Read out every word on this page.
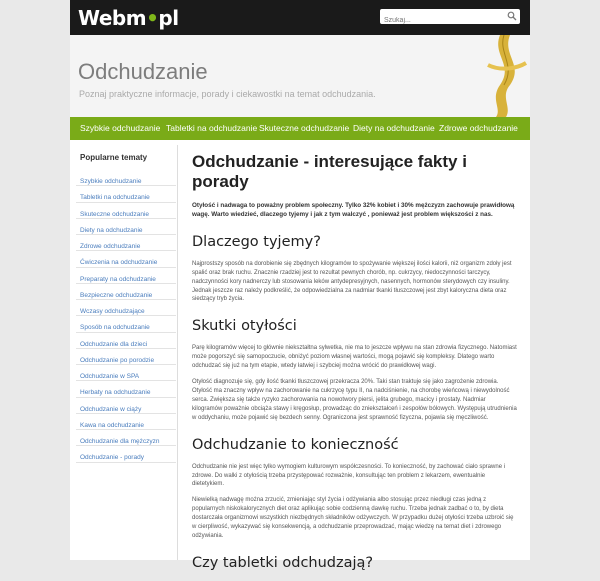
Webm•pl
Szukaj...
Odchudzanie
Poznaj praktyczne informacje, porady i ciekawostki na temat odchudzania.
Szybkie odchudzanie Tabletki na odchudzanie Skuteczne odchudzanie Diety na odchudzanie Zdrowe odchudzanie
Popularne tematy
Szybkie odchudzanie
Tabletki na odchudzanie
Skuteczne odchudzanie
Diety na odchudzanie
Zdrowe odchudzanie
Ćwiczenia na odchudzanie
Preparaty na odchudzanie
Bezpieczne odchudzanie
Wczasy odchudzające
Sposób na odchudzanie
Odchudzanie dla dzieci
Odchudzanie po porodzie
Odchudzanie w SPA
Herbaty na odchudzanie
Odchudzanie w ciąży
Kawa na odchudzanie
Odchudzanie dla mężczyzn
Odchudzanie - porady
Odchudzanie - interesujące fakty i porady

Otyłość i nadwaga to poważny problem społeczny. Tylko 32% kobiet i 30% mężczyzn zachowuje prawidłową wagę. Warto wiedzieć, dlaczego tyjemy i jak z tym walczyć , ponieważ jest problem większości z nas.

Dlaczego tyjemy?

Najprostszy sposób na dorobienie się zbędnych kilogramów to spożywanie większej ilości kalorii, niż organizm zdoły jest spalić oraz brak ruchu. Znacznie rzadziej jest to rezultat pewnych chorób, np. cukrzycy, niedoczynności tarczycy, nadczynności kory nadnerczy lub stosowania leków antydepresyjnych, nasennych, hormonów sterydowych czy insuliny. Jednak jeszcze raz należy podkreślić, że odpowiedzialna za nadmiar tkanki tłuszczowej jest zbyt kaloryczna dieta oraz siedzący tryb życia.

Skutki otyłości

Parę kilogramów więcej to głównie niekształtna sylwetka, nie ma to jeszcze wpływu na stan zdrowia fizycznego. Natomiast może pogorszyć się samopoczucie, obniżyć poziom własnej wartości, mogą pojawić się kompleksy. Dlatego warto odchudzać się już na tym etapie, wtedy łatwiej i szybciej można wrócić do prawidłowej wagi.

Otyłość diagnozuje się, gdy ilość tkanki tłuszczowej przekracza 20%. Taki stan traktuje się jako zagrożenie zdrowia. Otyłość ma znaczny wpływ na zachorowanie na cukrzycę typu II, na nadciśnienie, na chorobę wieńcową i niewydolność serca. Zwiększa się także ryzyko zachorowania na nowotwory piersi, jelita grubego, macicy i prostaty. Nadmiar kilogramów poważnie obciąża stawy i kręgosłup, prowadząc do zniekształceń i zespołów bólowych. Występują utrudnienia w oddychaniu, może pojawić się bezdech senny. Ograniczona jest sprawność fizyczna, pojawia się męczliwość.

Odchudzanie to konieczność

Odchudzanie nie jest więc tylko wymogiem kulturowym współczesności. To konieczność, by zachować ciało sprawne i zdrowe. Do walki z otyłością trzeba przystępować rozważnie, konsultując ten problem z lekarzem, ewentualnie dietetykiem.

Niewielką nadwagę można zrzucić, zmieniając styl życia i odżywiania albo stosując przez niedługi czas jedną z popularnych niskokalorycznych diet oraz aplikując sobie codzienną dawkę ruchu. Trzeba jednak zadbać o to, by dieta dostarczała organizmowi wszystkich niezbędnych składników odżywczych. W przypadku dużej otyłości trzeba uzbroić się w cierpliwość, wykazywać się konsekwencją, a odchudzanie przeprowadzać, mając wiedzę na temat diet i zdrowego odżywiania.

Czy tabletki odchudzają?
